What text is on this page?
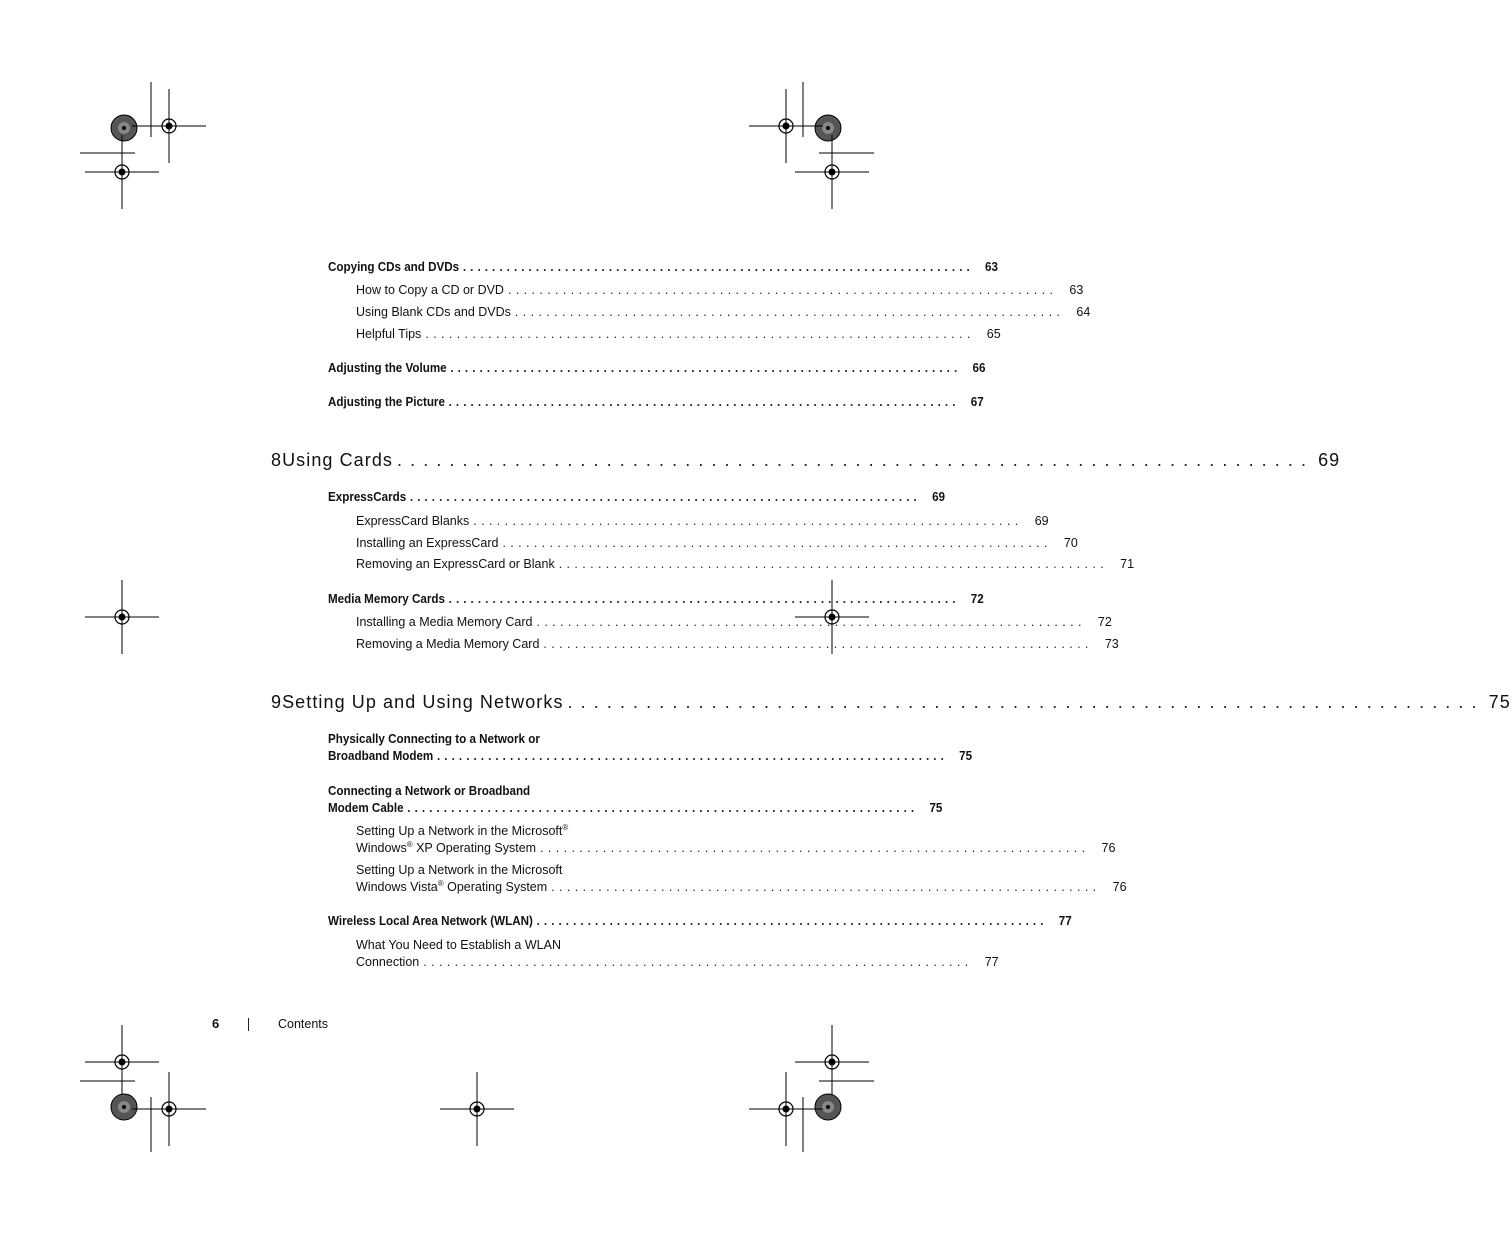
Copying CDs and DVDs ...................................................................... 63
How to Copy a CD or DVD ...................................................................... 63
Using Blank CDs and DVDs ...................................................................... 64
Helpful Tips ...................................................................... 65
Adjusting the Volume ...................................................................... 66
Adjusting the Picture ...................................................................... 67
8 Using Cards ...................................................................... 69
ExpressCards ...................................................................... 69
ExpressCard Blanks ...................................................................... 69
Installing an ExpressCard ...................................................................... 70
Removing an ExpressCard or Blank ...................................................................... 71
Media Memory Cards ...................................................................... 72
Installing a Media Memory Card ...................................................................... 72
Removing a Media Memory Card ...................................................................... 73
9 Setting Up and Using Networks ...................................................................... 75
Physically Connecting to a Network or
Broadband Modem ...................................................................... 75
Connecting a Network or Broadband
Modem Cable ...................................................................... 75
Setting Up a Network in the Microsoft®
Windows® XP Operating System ...................................................................... 76
Setting Up a Network in the Microsoft
Windows Vista® Operating System ...................................................................... 76
Wireless Local Area Network (WLAN) ...................................................................... 77
What You Need to Establish a WLAN
Connection ...................................................................... 77
6	Contents
